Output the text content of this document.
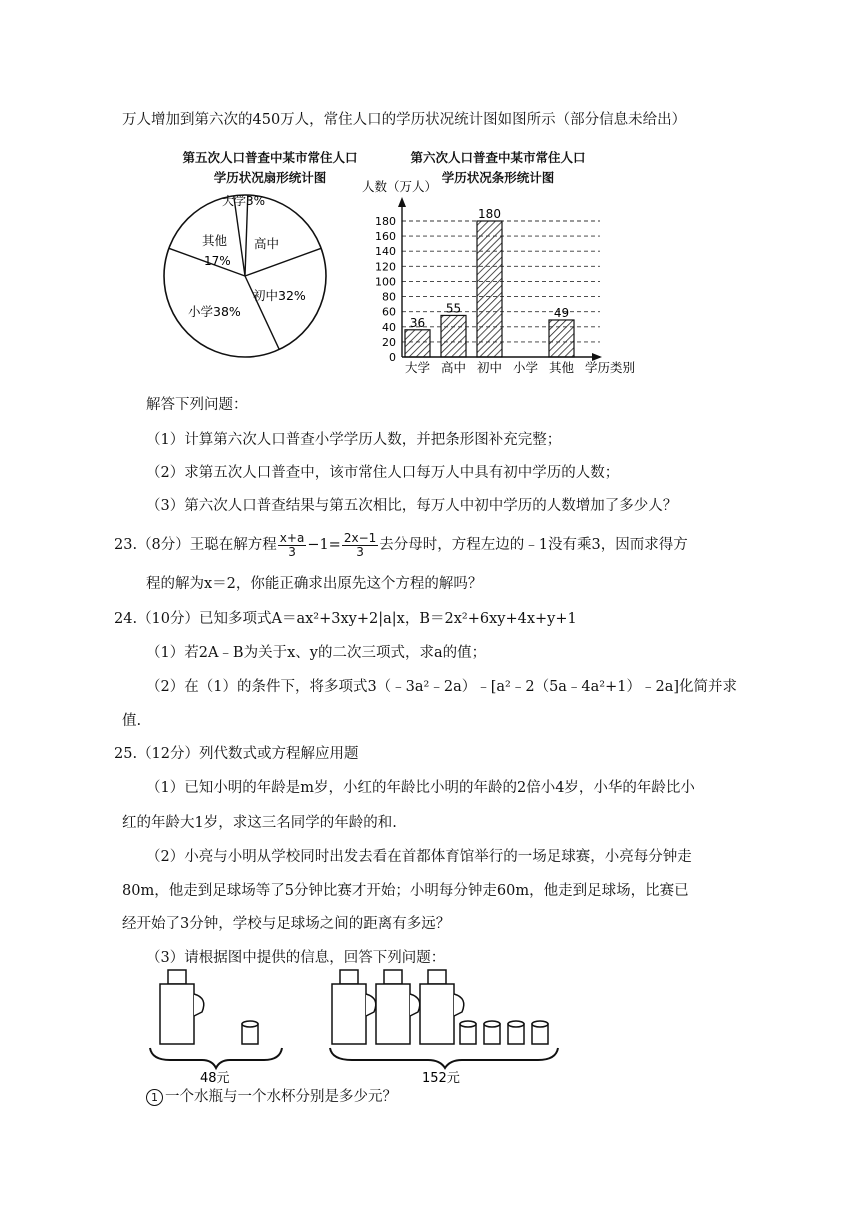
万人增加到第六次的450万人，常住人口的学历状况统计图如图所示（部分信息未给出）
第五次人口普查中某市常住人口
学历状况扇形统计图
大学3%
高中
初中32%
小学38%
其他
17%
第六次人口普查中某市常住人口
学历状况条形统计图
人数（万人）
学历类别
0
20
40
60
80
100
120
140
160
180
36
大学
55
高中
180
初中 小学
49
其他
解答下列问题：
（1）计算第六次人口普查小学学历人数，并把条形图补充完整；
（2）求第五次人口普查中，该市常住人口每万人中具有初中学历的人数；
（3）第六次人口普查结果与第五次相比，每万人中初中学历的人数增加了多少人？
23.（8分）王聪在解方程 $\frac{x+a}{3} -1= \frac{2x-1}{3}$ 去分母时，方程左边的﹣1没有乘3，因而求得方
程的解为x＝2，你能正确求出原先这个方程的解吗？
24.（10分）已知多项式A＝ax²+3xy+2|a|x，B＝2x²+6xy+4x+y+1
（1）若2A﹣B为关于x、y的二次三项式，求a的值；
（2）在（1）的条件下，将多项式3（﹣3a²﹣2a）﹣[a²﹣2（5a﹣4a²+1）﹣2a]化简并求
值.
25.（12分）列代数式或方程解应用题
（1）已知小明的年龄是m岁，小红的年龄比小明的年龄的2倍小4岁，小华的年龄比小
红的年龄大1岁，求这三名同学的年龄的和.
（2）小亮与小明从学校同时出发去看在首都体育馆举行的一场足球赛，小亮每分钟走
80m，他走到足球场等了5分钟比赛才开始；小明每分钟走60m，他走到足球场，比赛已
经开始了3分钟，学校与足球场之间的距离有多远？
（3）请根据图中提供的信息，回答下列问题：
48元	152元
1 一个水瓶与一个水杯分别是多少元？
